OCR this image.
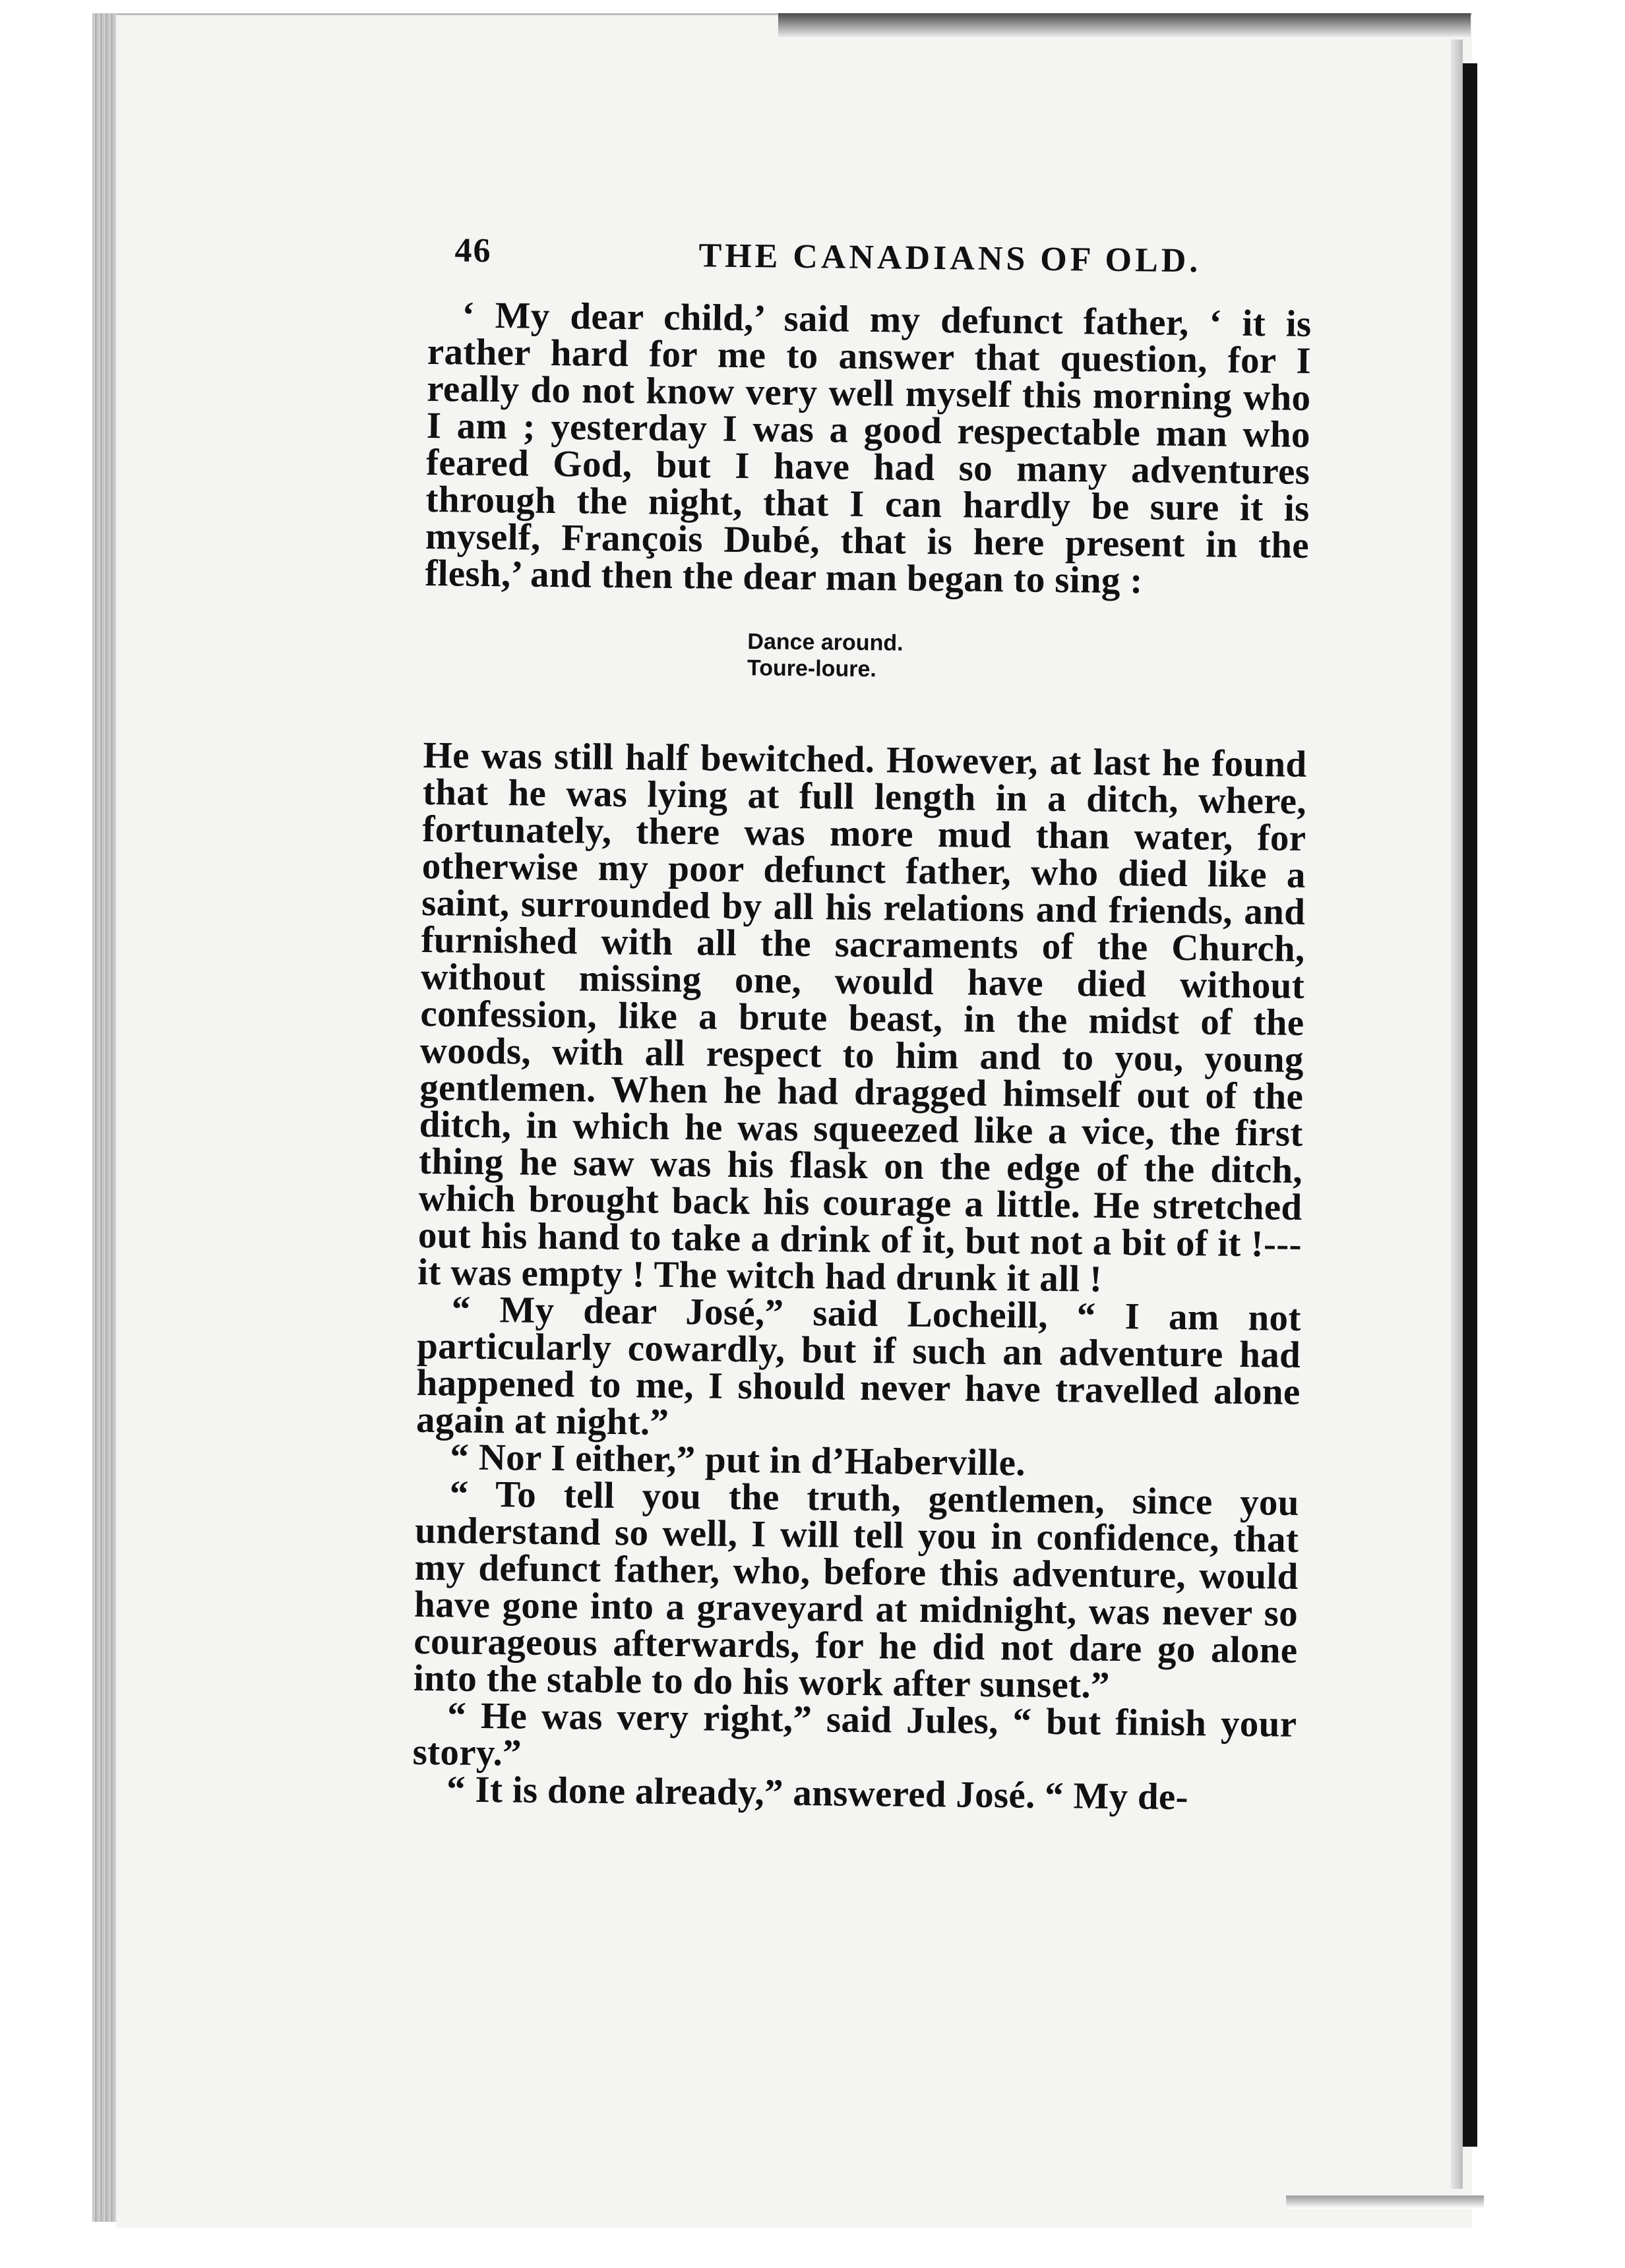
46	THE CANADIANS OF OLD.

‘ My dear child,’ said my defunct father, ‘ it is rather hard for me to answer that question, for I really do not know very well myself this morning who I am ; yesterday I was a good respectable man who feared God, but I have had so many adventures through the night, that I can hardly be sure it is myself, François Dubé, that is here present in the flesh,’ and then the dear man began to sing :

Dance around.
Toure-loure.

He was still half bewitched. However, at last he found that he was lying at full length in a ditch, where, fortunately, there was more mud than water, for otherwise my poor defunct father, who died like a saint, surrounded by all his relations and friends, and furnished with all the sacraments of the Church, without missing one, would have died without confession, like a brute beast, in the midst of the woods, with all respect to him and to you, young gentlemen. When he had dragged himself out of the ditch, in which he was squeezed like a vice, the first thing he saw was his flask on the edge of the ditch, which brought back his courage a little. He stretched out his hand to take a drink of it, but not a bit of it !---it was empty ! The witch had drunk it all !

“ My dear José,” said Locheill, “ I am not particularly cowardly, but if such an adventure had happened to me, I should never have travelled alone again at night.”

“ Nor I either,” put in d’Haberville.

“ To tell you the truth, gentlemen, since you understand so well, I will tell you in confidence, that my defunct father, who, before this adventure, would have gone into a graveyard at midnight, was never so courageous afterwards, for he did not dare go alone into the stable to do his work after sunset.”

“ He was very right,” said Jules, “ but finish your story.”

“ It is done already,” answered José. “ My de-
